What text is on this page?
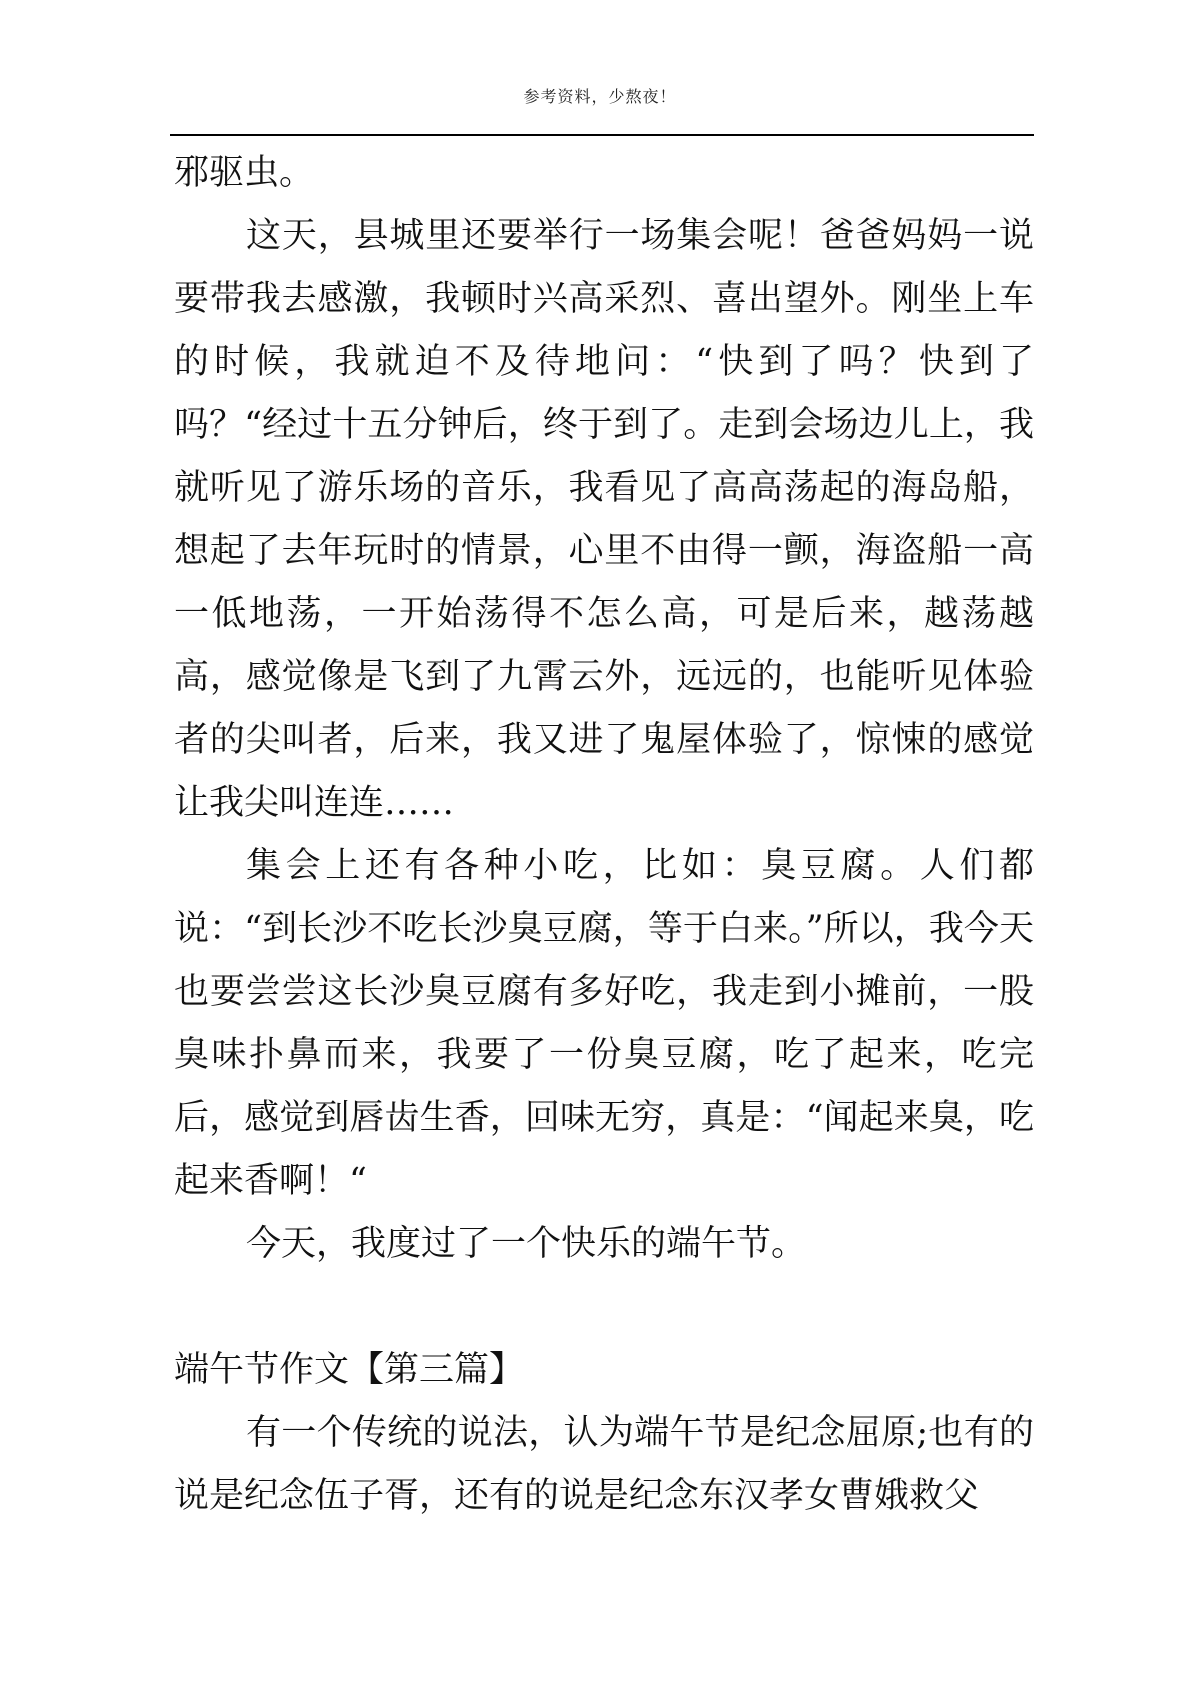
参考资料，少熬夜！

邪驱虫。

这天，县城里还要举行一场集会呢！爸爸妈妈一说要带我去感激，我顿时兴高采烈、喜出望外。刚坐上车的时候，我就迫不及待地问：“快到了吗？快到了吗？“经过十五分钟后，终于到了。走到会场边儿上，我就听见了游乐场的音乐，我看见了高高荡起的海岛船，想起了去年玩时的情景，心里不由得一颤，海盗船一高一低地荡，一开始荡得不怎么高，可是后来，越荡越高，感觉像是飞到了九霄云外，远远的，也能听见体验者的尖叫者，后来，我又进了鬼屋体验了，惊悚的感觉让我尖叫连连……

集会上还有各种小吃，比如：臭豆腐。人们都说：“到长沙不吃长沙臭豆腐，等于白来。”所以，我今天也要尝尝这长沙臭豆腐有多好吃，我走到小摊前，一股臭味扑鼻而来，我要了一份臭豆腐，吃了起来，吃完后，感觉到唇齿生香，回味无穷，真是：“闻起来臭，吃起来香啊！“

今天，我度过了一个快乐的端午节。

端午节作文【第三篇】

有一个传统的说法，认为端午节是纪念屈原;也有的说是纪念伍子胥，还有的说是纪念东汉孝女曹娥救父
